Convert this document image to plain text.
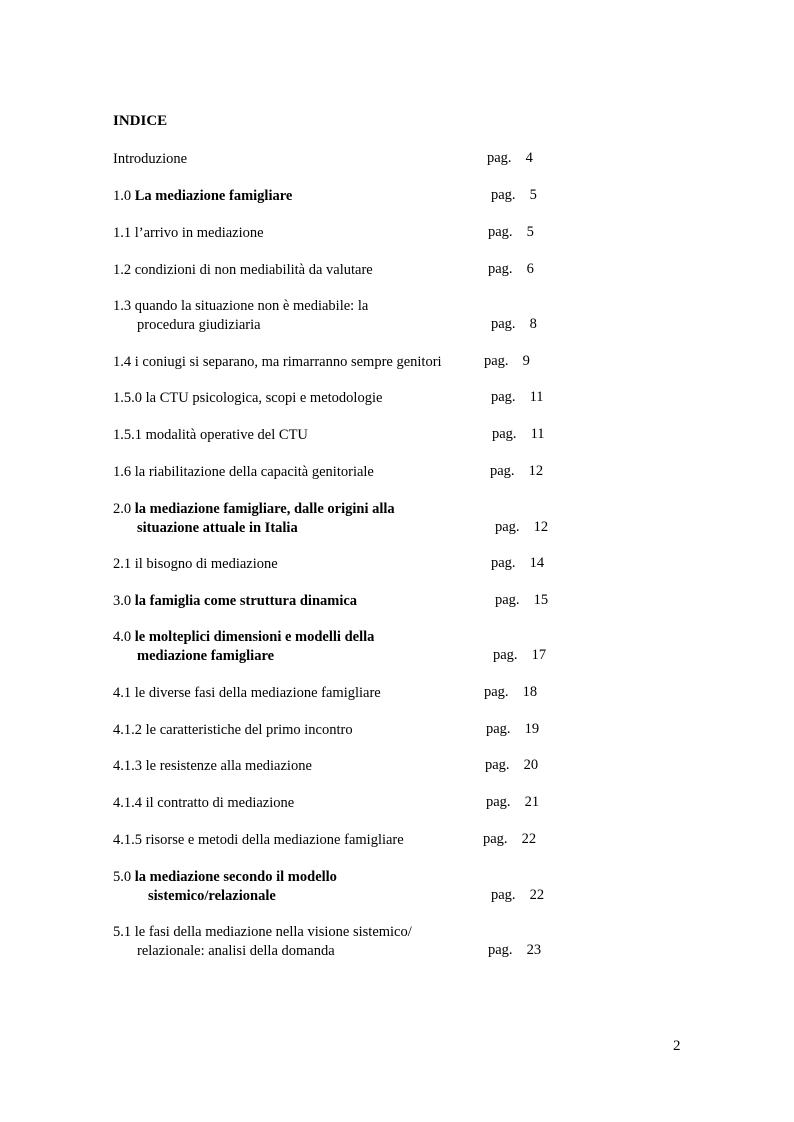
INDICE
Introduzione	pag. 4
1.0 La mediazione famigliare	pag. 5
1.1 l’arrivo in mediazione	pag. 5
1.2 condizioni di non mediabilità da valutare	pag. 6
1.3 quando la situazione non è mediabile: la
procedura giudiziaria	pag. 8
1.4 i coniugi si separano, ma rimarranno sempre genitori	pag. 9
1.5.0 la CTU psicologica, scopi e metodologie	pag. 11
1.5.1 modalità operative del CTU	pag. 11
1.6 la riabilitazione della capacità genitoriale	pag. 12
2.0 la mediazione famigliare, dalle origini alla
situazione attuale in Italia	pag. 12
2.1 il bisogno di mediazione	pag. 14
3.0 la famiglia come struttura dinamica	pag. 15
4.0 le molteplici dimensioni e modelli della
mediazione famigliare	pag. 17
4.1 le diverse fasi della mediazione famigliare	pag. 18
4.1.2 le caratteristiche del primo incontro	pag. 19
4.1.3 le resistenze alla mediazione	pag. 20
4.1.4 il contratto di mediazione	pag. 21
4.1.5 risorse e metodi della mediazione famigliare	pag. 22
5.0 la mediazione secondo il modello
sistemico/relazionale	pag. 22
5.1 le fasi della mediazione nella visione sistemico/
relazionale: analisi della domanda	pag. 23
2
